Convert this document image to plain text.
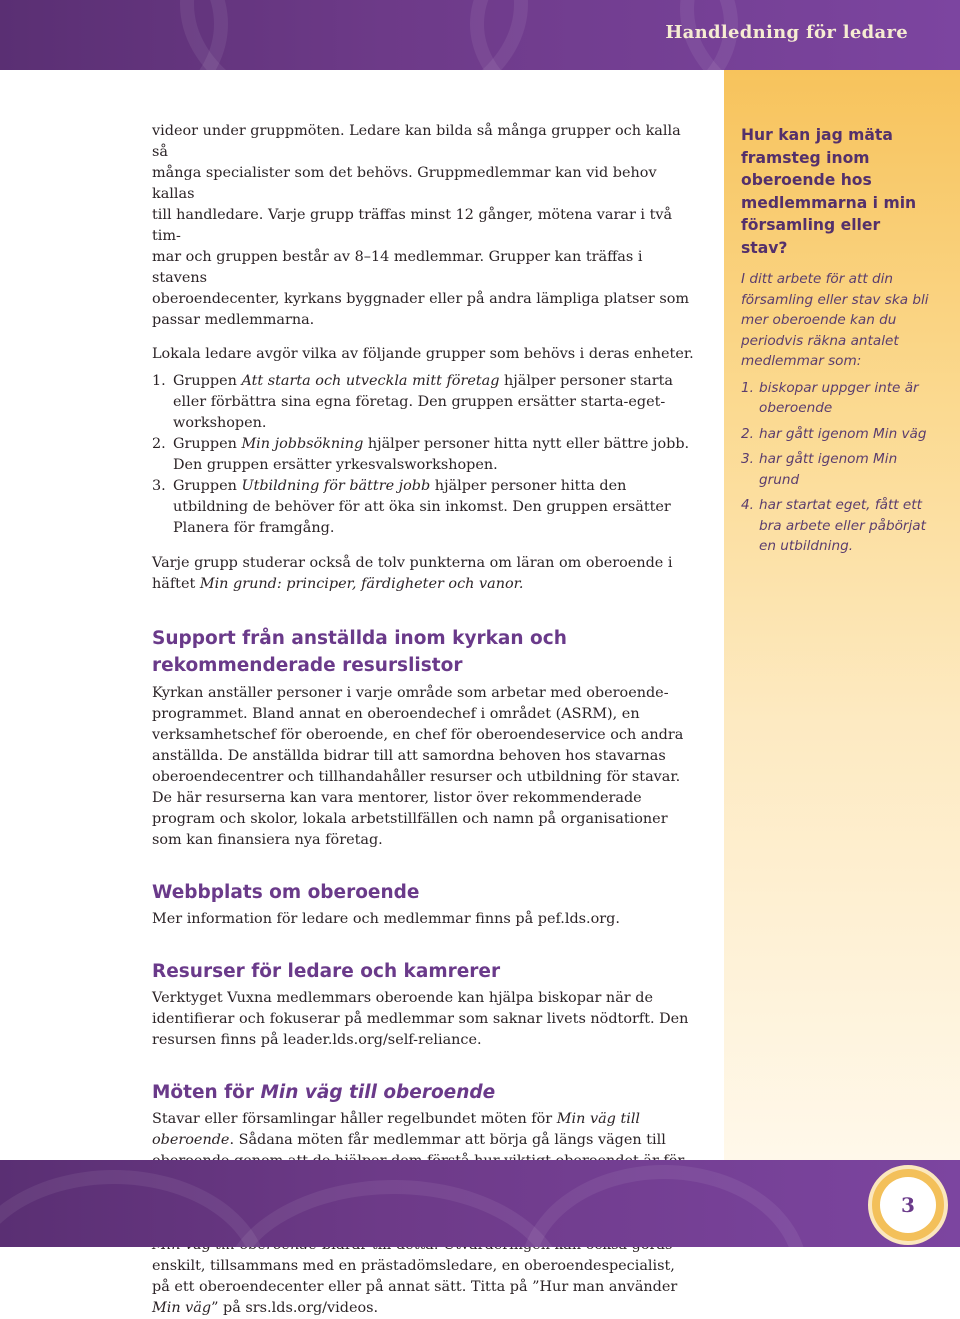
Handledning för ledare

videor under gruppmöten. Ledare kan bilda så många grupper och kalla så
många specialister som det behövs. Gruppmedlemmar kan vid behov kallas
till handledare. Varje grupp träffas minst 12 gånger, mötena varar i två tim-
mar och gruppen består av 8–14 medlemmar. Grupper kan träffas i stavens
oberoendecenter, kyrkans byggnader eller på andra lämpliga platser som
passar medlemmarna.

Lokala ledare avgör vilka av följande grupper som behövs i deras enheter.

1. Gruppen Att starta och utveckla mitt företag hjälper personer starta eller förbättra sina egna företag. Den gruppen ersätter starta-eget-workshopen.

2. Gruppen Min jobbsökning hjälper personer hitta nytt eller bättre jobb. Den gruppen ersätter yrkesvalsworkshopen.

3. Gruppen Utbildning för bättre jobb hjälper personer hitta den utbildning de behöver för att öka sin inkomst. Den gruppen ersätter Planera för framgång.

Varje grupp studerar också de tolv punkterna om läran om oberoende i häftet Min grund: principer, färdigheter och vanor.

Support från anställda inom kyrkan och rekommenderade resurslistor

Kyrkan anställer personer i varje område som arbetar med oberoendeprogrammet. Bland annat en oberoendechef i området (ASRM), en verksamhetschef för oberoende, en chef för oberoendeservice och andra anställda. De anställda bidrar till att samordna behoven hos stavarnas oberoendecentrer och tillhandahåller resurser och utbildning för stavar. De här resurserna kan vara mentorer, listor över rekommenderade program och skolor, lokala arbetstillfällen och namn på organisationer som kan finansiera nya företag.

Webbplats om oberoende

Mer information för ledare och medlemmar finns på pef.lds.org.

Resurser för ledare och kamrerer

Verktyget Vuxna medlemmars oberoende kan hjälpa biskopar när de identifierar och fokuserar på medlemmar som saknar livets nödtorft. Den resursen finns på leader.lds.org/self-reliance.

Möten för Min väg till oberoende

Stavar eller församlingar håller regelbundet möten för Min väg till oberoende. Sådana möten får medlemmar att börja gå längs vägen till enskilt, tillsammans med en prästadömsledare, en oberoendespecialist, på ett oberoendecenter eller på annat sätt. Titta på ”Hur man använder Min väg” på srs.lds.org/videos.

Hur kan jag mäta framsteg inom oberoende hos medlemmarna i min församling eller stav?

I ditt arbete för att din församling eller stav ska bli mer oberoende kan du periodvis räkna antalet medlemmar som:

1. biskopar uppger inte är oberoende
2. har gått igenom Min väg
3. har gått igenom Min grund
4. har startat eget, fått ett bra arbete eller påbörjat en utbildning.
3
